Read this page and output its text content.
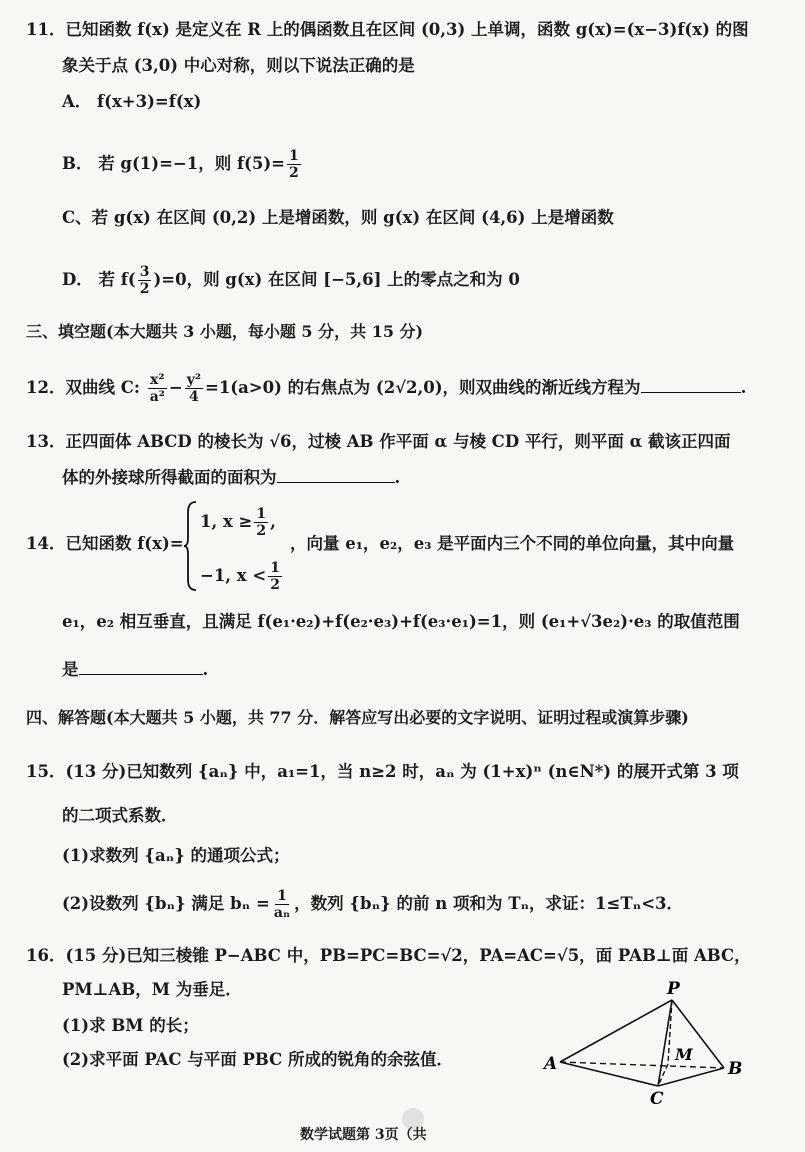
11．已知函数 f(x) 是定义在 R 上的偶函数且在区间 (0,3) 上单调，函数 g(x)=(x−3)f(x) 的图
象关于点 (3,0) 中心对称，则以下说法正确的是
A． f(x+3)=f(x)
B． 若 g(1)=−1，则 $f(5)= \frac{1}{2}$
C、若 g(x) 在区间 (0,2) 上是增函数，则 g(x) 在区间 (4,6) 上是增函数
D． 若 $f( \frac{3}{2} )=0$，则 g(x) 在区间 [−5,6] 上的零点之和为 0
三、填空题(本大题共 3 小题，每小题 5 分，共 15 分)
12．双曲线 C: $\frac{\text{x²}}{\text{a²}} - \frac{\text{y²}}{4} =1(a>0)$ 的右焦点为 (2√2,0)，则双曲线的渐近线方程为	.
13．正四面体 ABCD 的棱长为 √6，过棱 AB 作平面 α 与棱 CD 平行，则平面 α 截该正四面
体的外接球所得截面的面积为	.
14．已知函数 f(x)=
1, $x \ge \frac{1}{2}$ ,
−1, $x < \frac{1}{2}$
，向量 e₁，e₂，e₃ 是平面内三个不同的单位向量，其中向量
e₁，e₂ 相互垂直，且满足 f(e₁·e₂)+f(e₂·e₃)+f(e₃·e₁)=1，则 (e₁+√3e₂)·e₃ 的取值范围
是	.
四、解答题(本大题共 5 小题，共 77 分．解答应写出必要的文字说明、证明过程或演算步骤)
15．(13 分)已知数列 {aₙ} 中，a₁=1，当 n≥2 时，aₙ 为 (1+x)ⁿ (n∈N*) 的展开式第 3 项
的二项式系数．
(1)求数列 {aₙ} 的通项公式；
(2)设数列 {bₙ} 满足 $b_n = \frac{1}{\text{aₙ}}$ ，数列 {bₙ} 的前 n 项和为 Tₙ，求证：1≤Tₙ<3．
16．(15 分)已知三棱锥 P−ABC 中，PB=PC=BC=√2，PA=AC=√5，面 PAB⊥面 ABC，
PM⊥AB，M 为垂足．
(1)求 BM 的长；
(2)求平面 PAC 与平面 PBC 所成的锐角的余弦值．
P
A	B
C
M
数学试题第 3页（共
